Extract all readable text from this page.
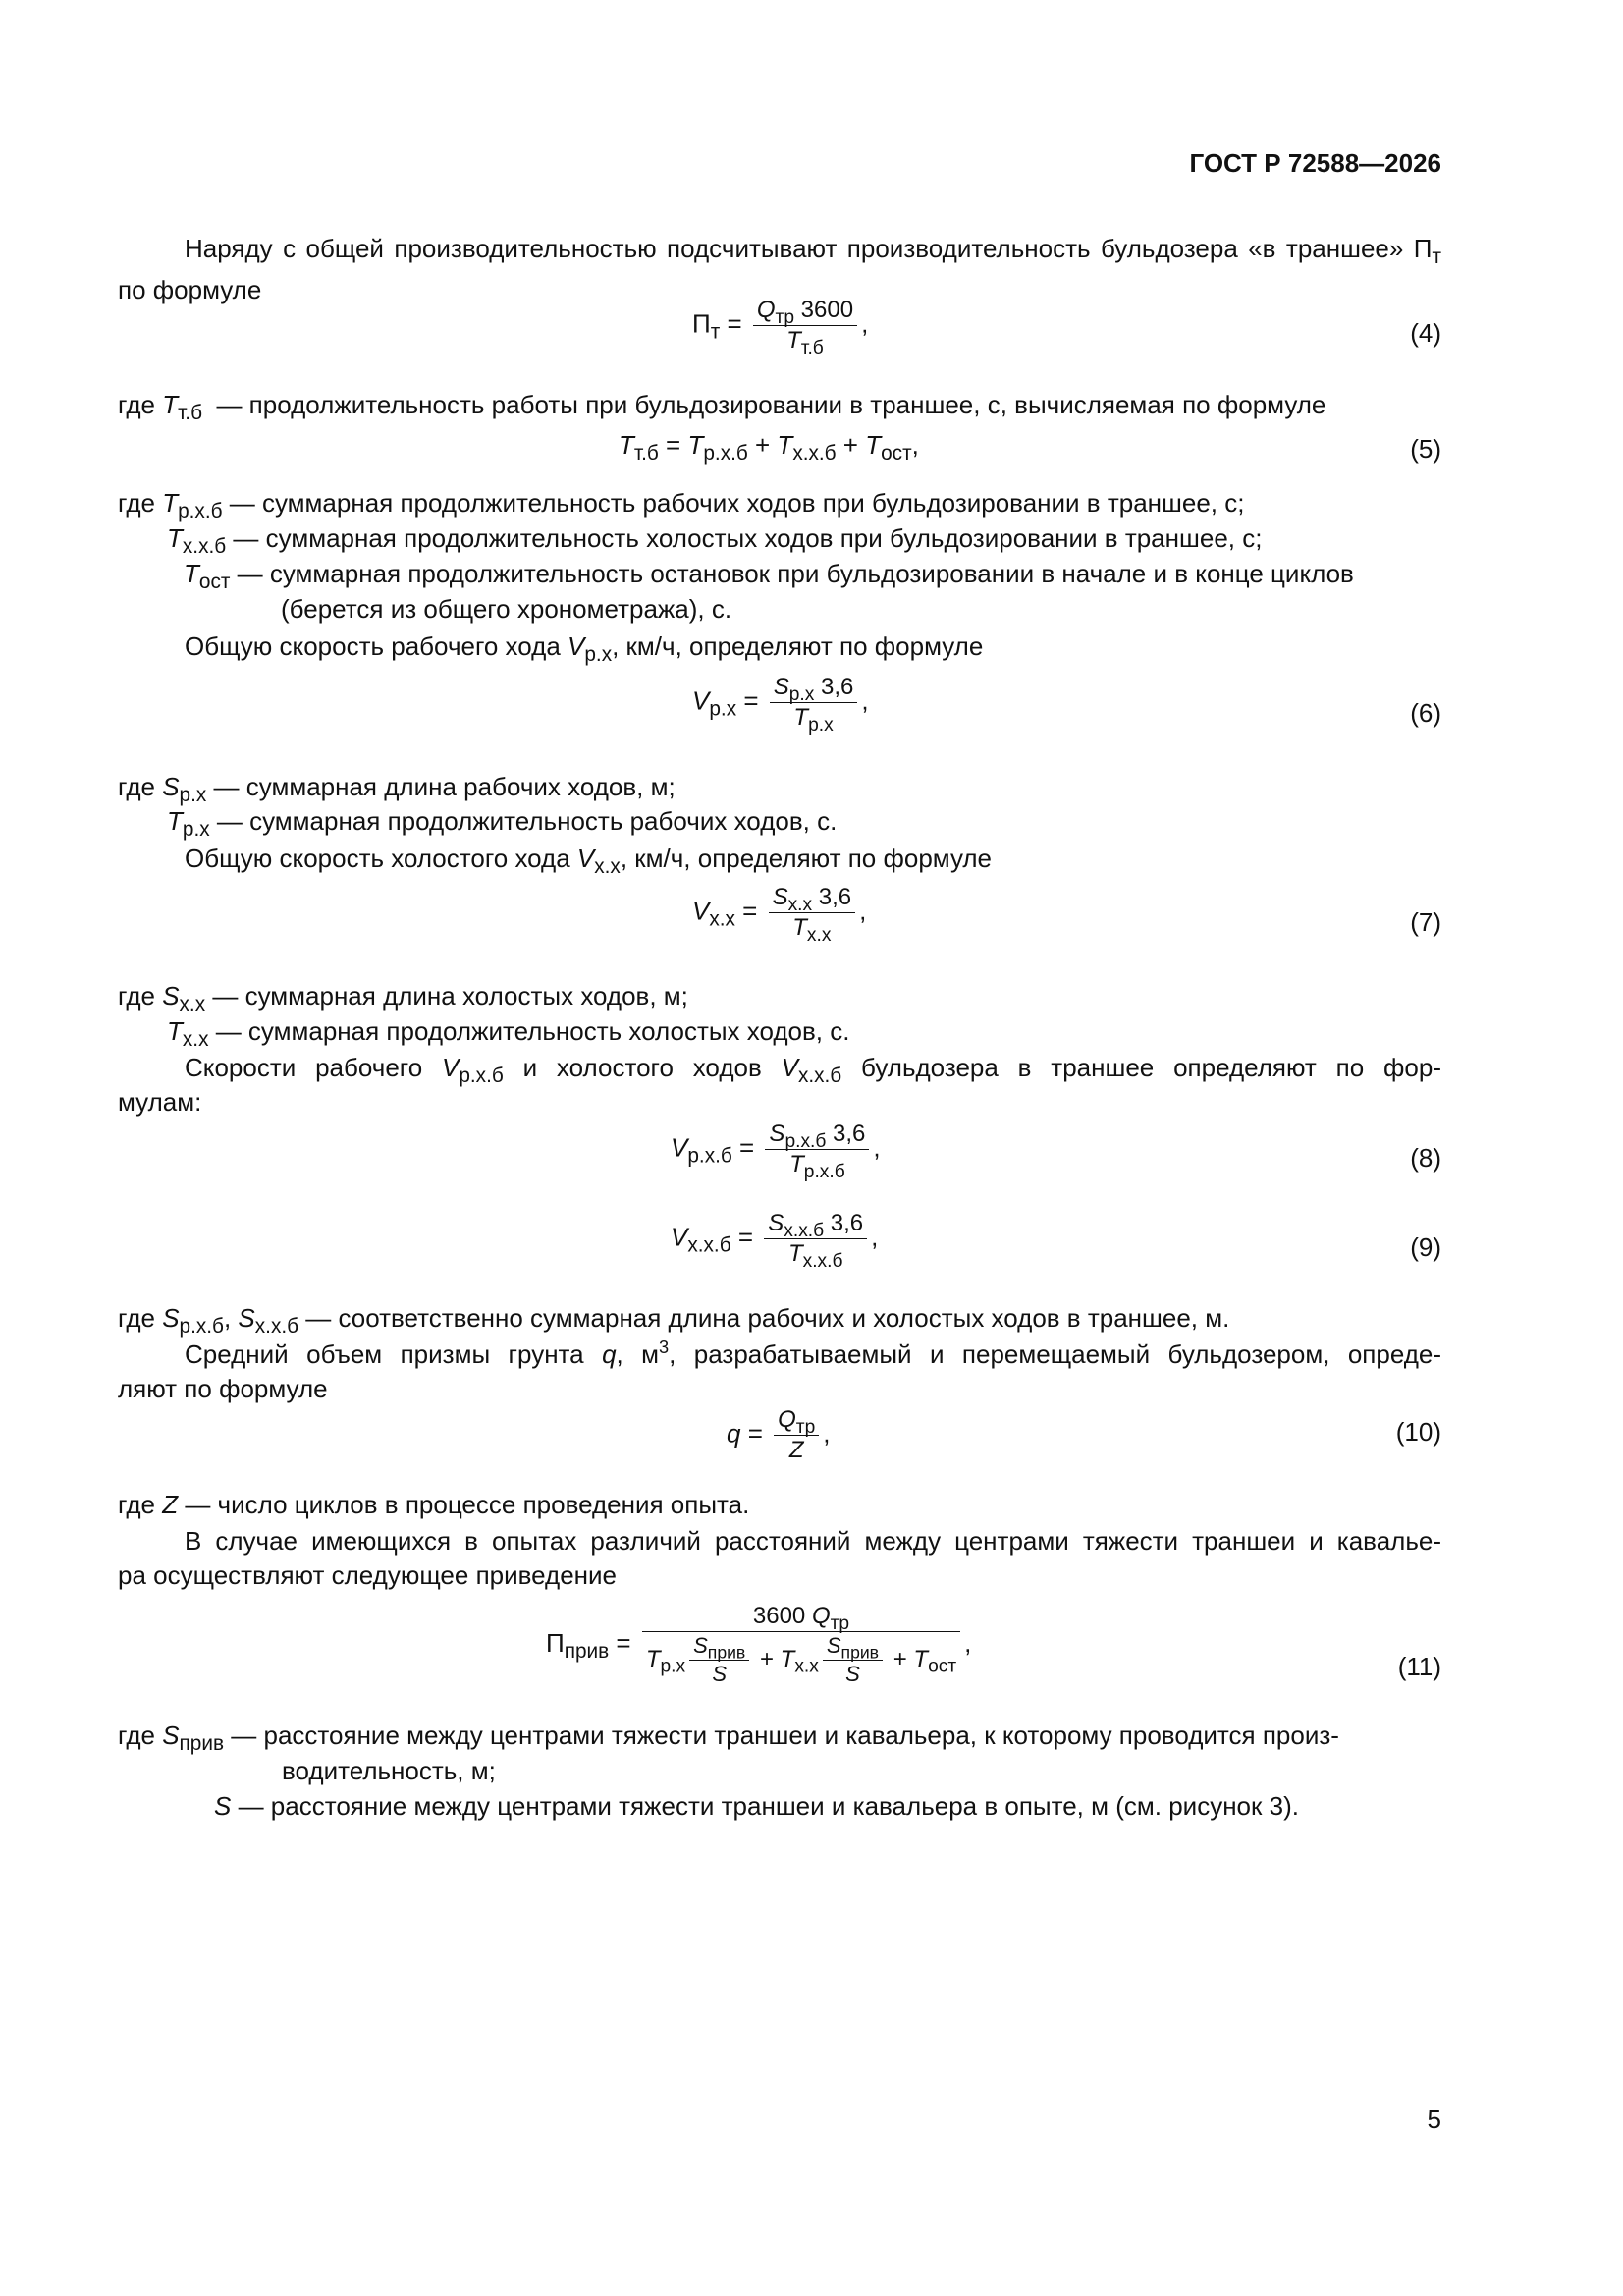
ГОСТ Р 72588—2026
Наряду с общей производительностью подсчитывают производительность бульдозера «в траншее» $П_т$ по формуле
$П_т = \frac{Q_{тр} 3600}{T_{т.б}}$ ,	(4)
где $T_{т.б}$ — продолжительность работы при бульдозировании в траншее, с, вычисляемая по формуле
$T_{т.б} = T_{р.х.б} + T_{х.х.б} + T_{ост}$,	(5)
где $T_{р.х.б}$ — суммарная продолжительность рабочих ходов при бульдозировании в траншее, с;
$T_{х.х.б}$ — суммарная продолжительность холостых ходов при бульдозировании в траншее, с;
$T_{ост}$ — суммарная продолжительность остановок при бульдозировании в начале и в конце циклов
(берется из общего хронометража), с.
Общую скорость рабочего хода $V_{р.х}$, км/ч, определяют по формуле
$V_{р.х} = \frac{S_{р.х} 3,6}{T_{р.х}}$ ,	(6)
где $S_{р.х}$ — суммарная длина рабочих ходов, м;
$T_{р.х}$ — суммарная продолжительность рабочих ходов, с.
Общую скорость холостого хода $V_{х.х}$, км/ч, определяют по формуле
$V_{х.х} = \frac{S_{х.х} 3,6}{T_{х.х}}$ ,	(7)
где $S_{х.х}$ — суммарная длина холостых ходов, м;
$T_{х.х}$ — суммарная продолжительность холостых ходов, с.
Скорости рабочего $V_{р.х.б}$ и холостого ходов $V_{х.х.б}$ бульдозера в траншее определяют по фор-
мулам:
$V_{р.х.б} = \frac{S_{р.х.б} 3,6}{T_{р.х.б}}$ ,	(8)
$V_{х.х.б} = \frac{S_{х.х.б} 3,6}{T_{х.х.б}}$ ,	(9)
где $S_{р.х.б}$, $S_{х.х.б}$ — соответственно суммарная длина рабочих и холостых ходов в траншее, м.
Средний объем призмы грунта q, $м^3$, разрабатываемый и перемещаемый бульдозером, опреде-
ляют по формуле
$q = \frac{Q_{тр}}{Z}$ ,	(10)
где Z — число циклов в процессе проведения опыта.
В случае имеющихся в опытах различий расстояний между центрами тяжести траншеи и кавалье-
ра осуществляют следующее приведение
$П_{прив} = \frac{3600 Q_{тр}}{T_{р.х} \frac{S_{прив}}{S} + T_{х.х} \frac{S_{прив}}{S} + T_{ост}}$ ,
(11)
где $S_{прив}$ — расстояние между центрами тяжести траншеи и кавальера, к которому проводится произ-
водительность, м;
S — расстояние между центрами тяжести траншеи и кавальера в опыте, м (см. рисунок 3).
5
